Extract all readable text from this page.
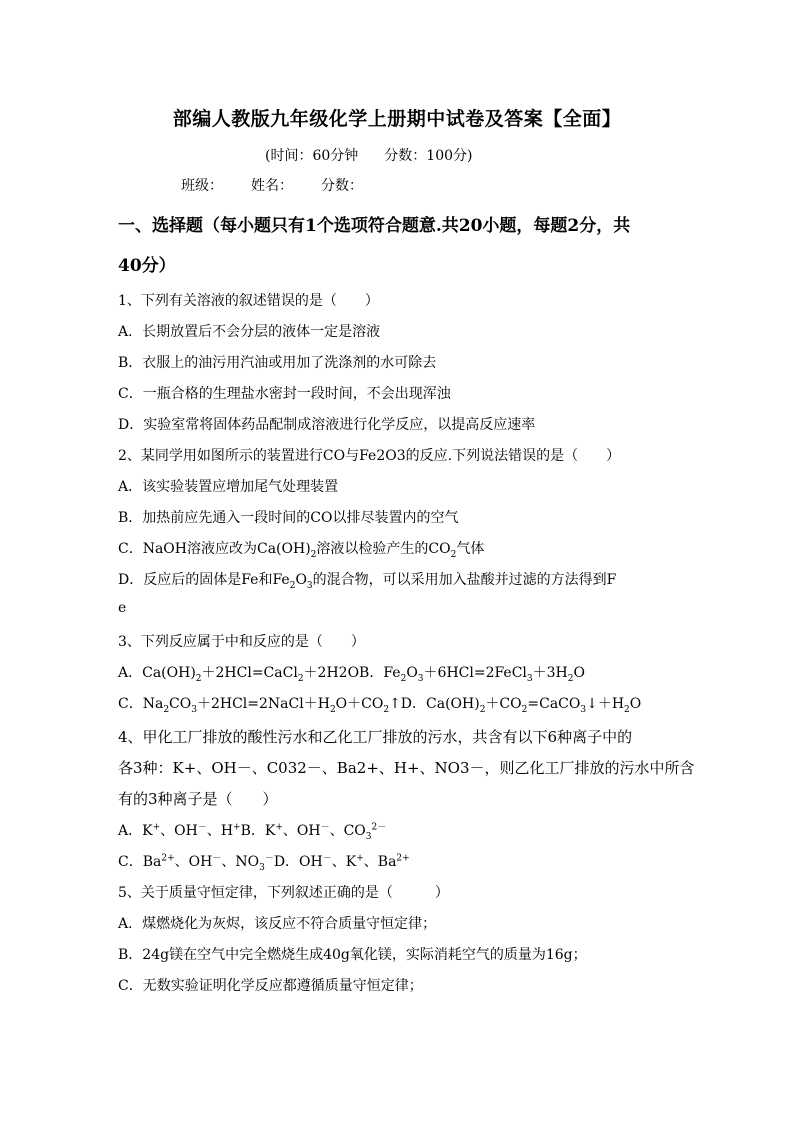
部编人教版九年级化学上册期中试卷及答案【全面】
(时间：60分钟 分数：100分)
班级： 姓名： 分数：
一、选择题（每小题只有1个选项符合题意.共20小题，每题2分，共
40分）
1、下列有关溶液的叙述错误的是（　　）
A．长期放置后不会分层的液体一定是溶液
B．衣服上的油污用汽油或用加了洗涤剂的水可除去
C．一瓶合格的生理盐水密封一段时间，不会出现浑浊
D．实验室常将固体药品配制成溶液进行化学反应，以提高反应速率
2、某同学用如图所示的装置进行CO与Fe2O3的反应.下列说法错误的是（　　）
A．该实验装置应增加尾气处理装置
B．加热前应先通入一段时间的CO以排尽装置内的空气
C．NaOH溶液应改为$Ca(OH)_2$溶液以检验产生的$CO_2$气体
D．反应后的固体是Fe和$Fe_2O_3$的混合物，可以采用加入盐酸并过滤的方法得到F
e
3、下列反应属于中和反应的是（　　）
A．$Ca(OH)_2+2HCl=CaCl_2+2H2OB$．$Fe_2O_3+6HCl=2FeCl_3+3H_2O$
C．$Na_2CO_3+2HCl=2NaCl+H_2O+CO_2↑D$．$Ca(OH)_2+CO_2=CaCO_3↓+H_2O$
4、甲化工厂排放的酸性污水和乙化工厂排放的污水，共含有以下6种离子中的
各3种：K+、OH－、C032－、Ba2+、H+、NO3－，则乙化工厂排放的污水中所含
有的3种离子是（　　）
A．K+、OH－、H+B．K+、OH－、$CO_3^{2-}$
C．$Ba^{2+}$、OH－、$NO_3^-D$．OH－、K+、$Ba^{2+}$
5、关于质量守恒定律，下列叙述正确的是（　　　）
A．煤燃烧化为灰烬，该反应不符合质量守恒定律；
B．24g镁在空气中完全燃烧生成40g氧化镁，实际消耗空气的质量为16g；
C．无数实验证明化学反应都遵循质量守恒定律；
